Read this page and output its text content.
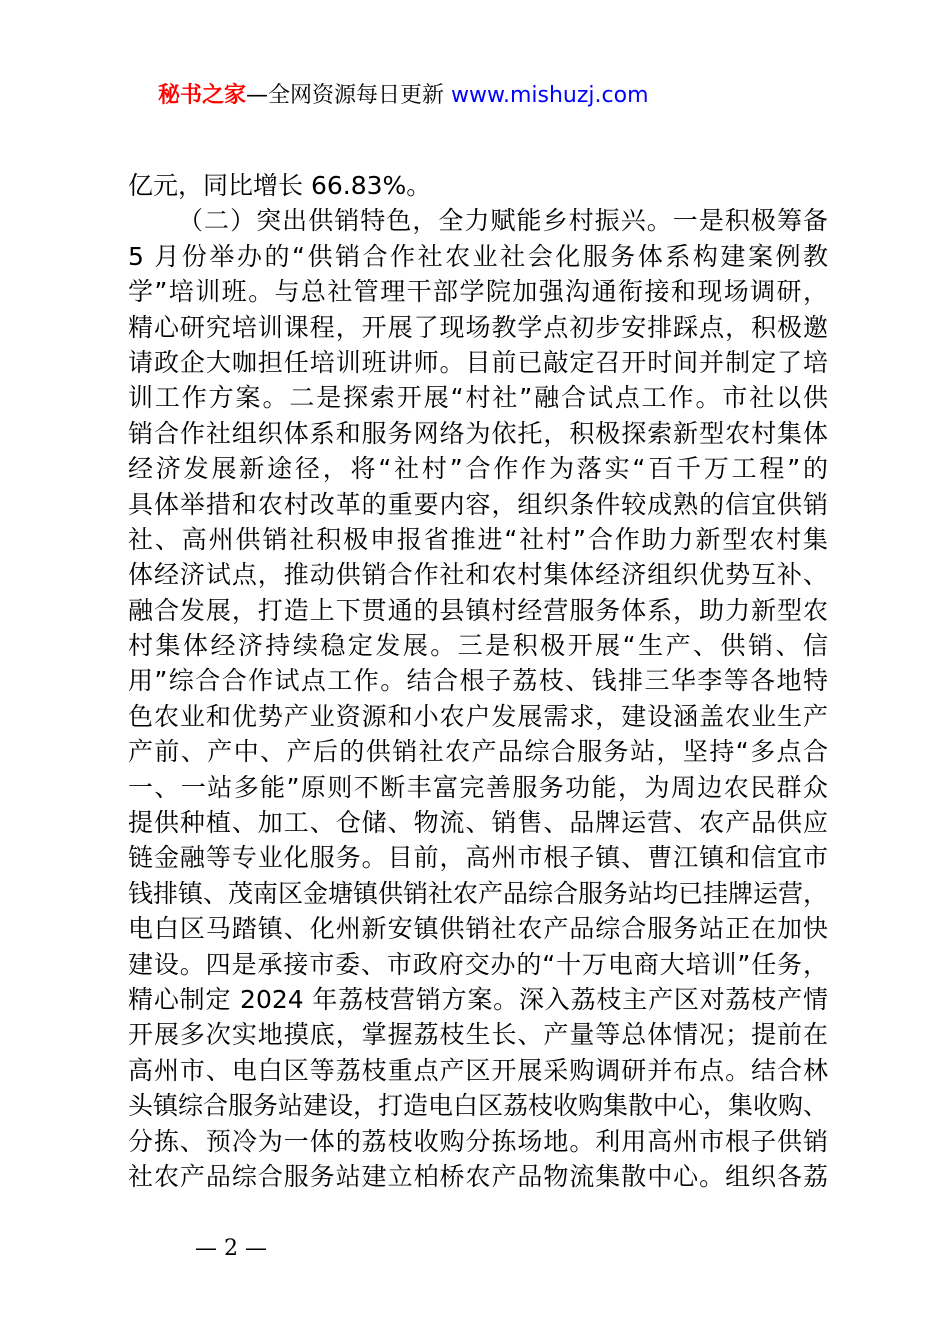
秘书之家—全网资源每日更新 www.mishuzj.com
亿元，同比增长 66.83%。
（二）突出供销特色，全力赋能乡村振兴。一是积极筹备
5 月份举办的“供销合作社农业社会化服务体系构建案例教
学”培训班。与总社管理干部学院加强沟通衔接和现场调研，
精心研究培训课程，开展了现场教学点初步安排踩点，积极邀
请政企大咖担任培训班讲师。目前已敲定召开时间并制定了培
训工作方案。二是探索开展“村社”融合试点工作。市社以供
销合作社组织体系和服务网络为依托，积极探索新型农村集体
经济发展新途径，将“社村”合作作为落实“百千万工程”的
具体举措和农村改革的重要内容，组织条件较成熟的信宜供销
社、高州供销社积极申报省推进“社村”合作助力新型农村集
体经济试点，推动供销合作社和农村集体经济组织优势互补、
融合发展，打造上下贯通的县镇村经营服务体系，助力新型农
村集体经济持续稳定发展。三是积极开展“生产、供销、信
用”综合合作试点工作。结合根子荔枝、钱排三华李等各地特
色农业和优势产业资源和小农户发展需求，建设涵盖农业生产
产前、产中、产后的供销社农产品综合服务站，坚持“多点合
一、一站多能”原则不断丰富完善服务功能，为周边农民群众
提供种植、加工、仓储、物流、销售、品牌运营、农产品供应
链金融等专业化服务。目前，高州市根子镇、曹江镇和信宜市
钱排镇、茂南区金塘镇供销社农产品综合服务站均已挂牌运营，
电白区马踏镇、化州新安镇供销社农产品综合服务站正在加快
建设。四是承接市委、市政府交办的“十万电商大培训”任务，
精心制定 2024 年荔枝营销方案。深入荔枝主产区对荔枝产情
开展多次实地摸底，掌握荔枝生长、产量等总体情况；提前在
高州市、电白区等荔枝重点产区开展采购调研并布点。结合林
头镇综合服务站建设，打造电白区荔枝收购集散中心，集收购、
分拣、预冷为一体的荔枝收购分拣场地。利用高州市根子供销
社农产品综合服务站建立柏桥农产品物流集散中心。组织各荔
— 2 —
